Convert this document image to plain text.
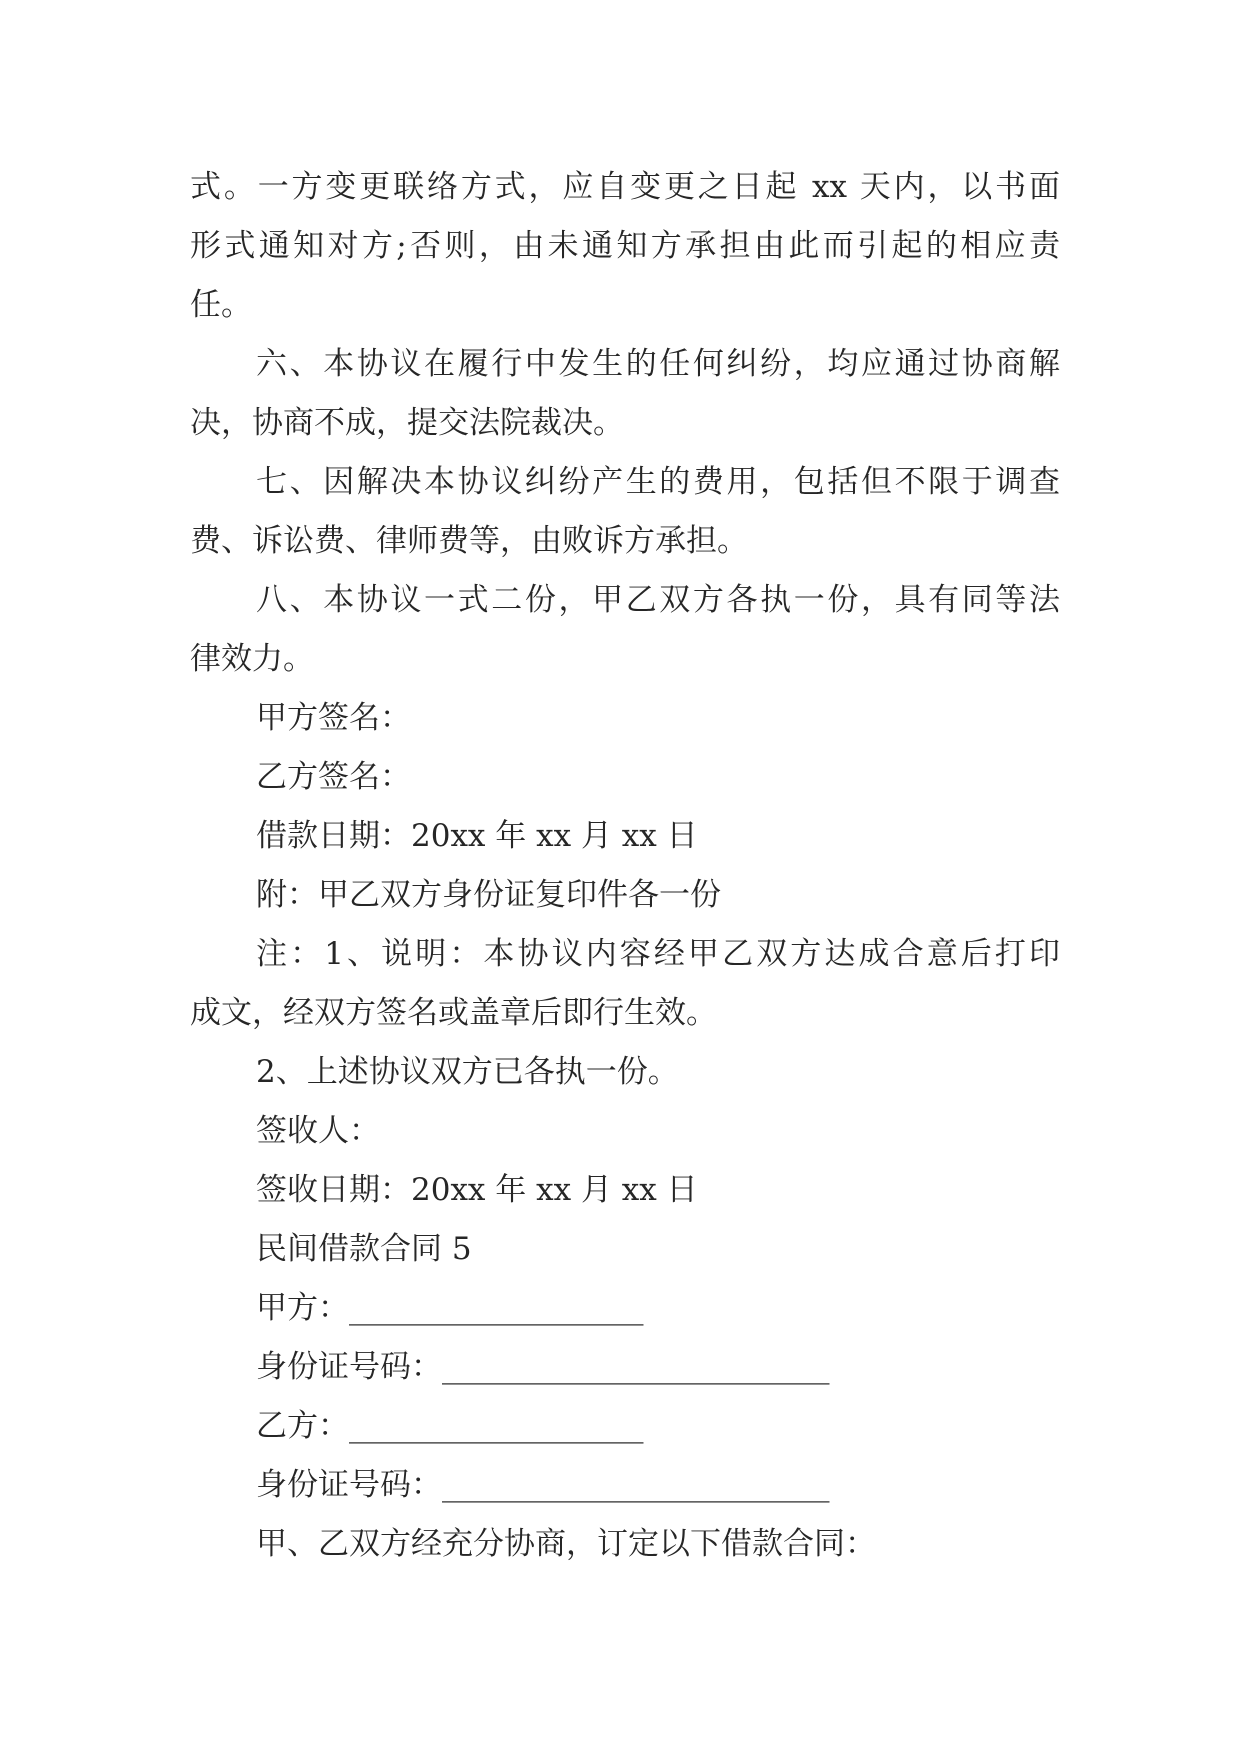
式。一方变更联络方式，应自变更之日起 xx 天内，以书面
形式通知对方;否则，由未通知方承担由此而引起的相应责
任。
六、本协议在履行中发生的任何纠纷，均应通过协商解
决，协商不成，提交法院裁决。
七、因解决本协议纠纷产生的费用，包括但不限于调查
费、诉讼费、律师费等，由败诉方承担。
八、本协议一式二份，甲乙双方各执一份，具有同等法
律效力。
甲方签名：
乙方签名：
借款日期：20xx 年 xx 月 xx 日
附：甲乙双方身份证复印件各一份
注：1、说明：本协议内容经甲乙双方达成合意后打印
成文，经双方签名或盖章后即行生效。
2、上述协议双方已各执一份。
签收人：
签收日期：20xx 年 xx 月 xx 日
民间借款合同 5
甲方：___________________
身份证号码：_________________________
乙方：___________________
身份证号码：_________________________
甲、乙双方经充分协商，订定以下借款合同：
